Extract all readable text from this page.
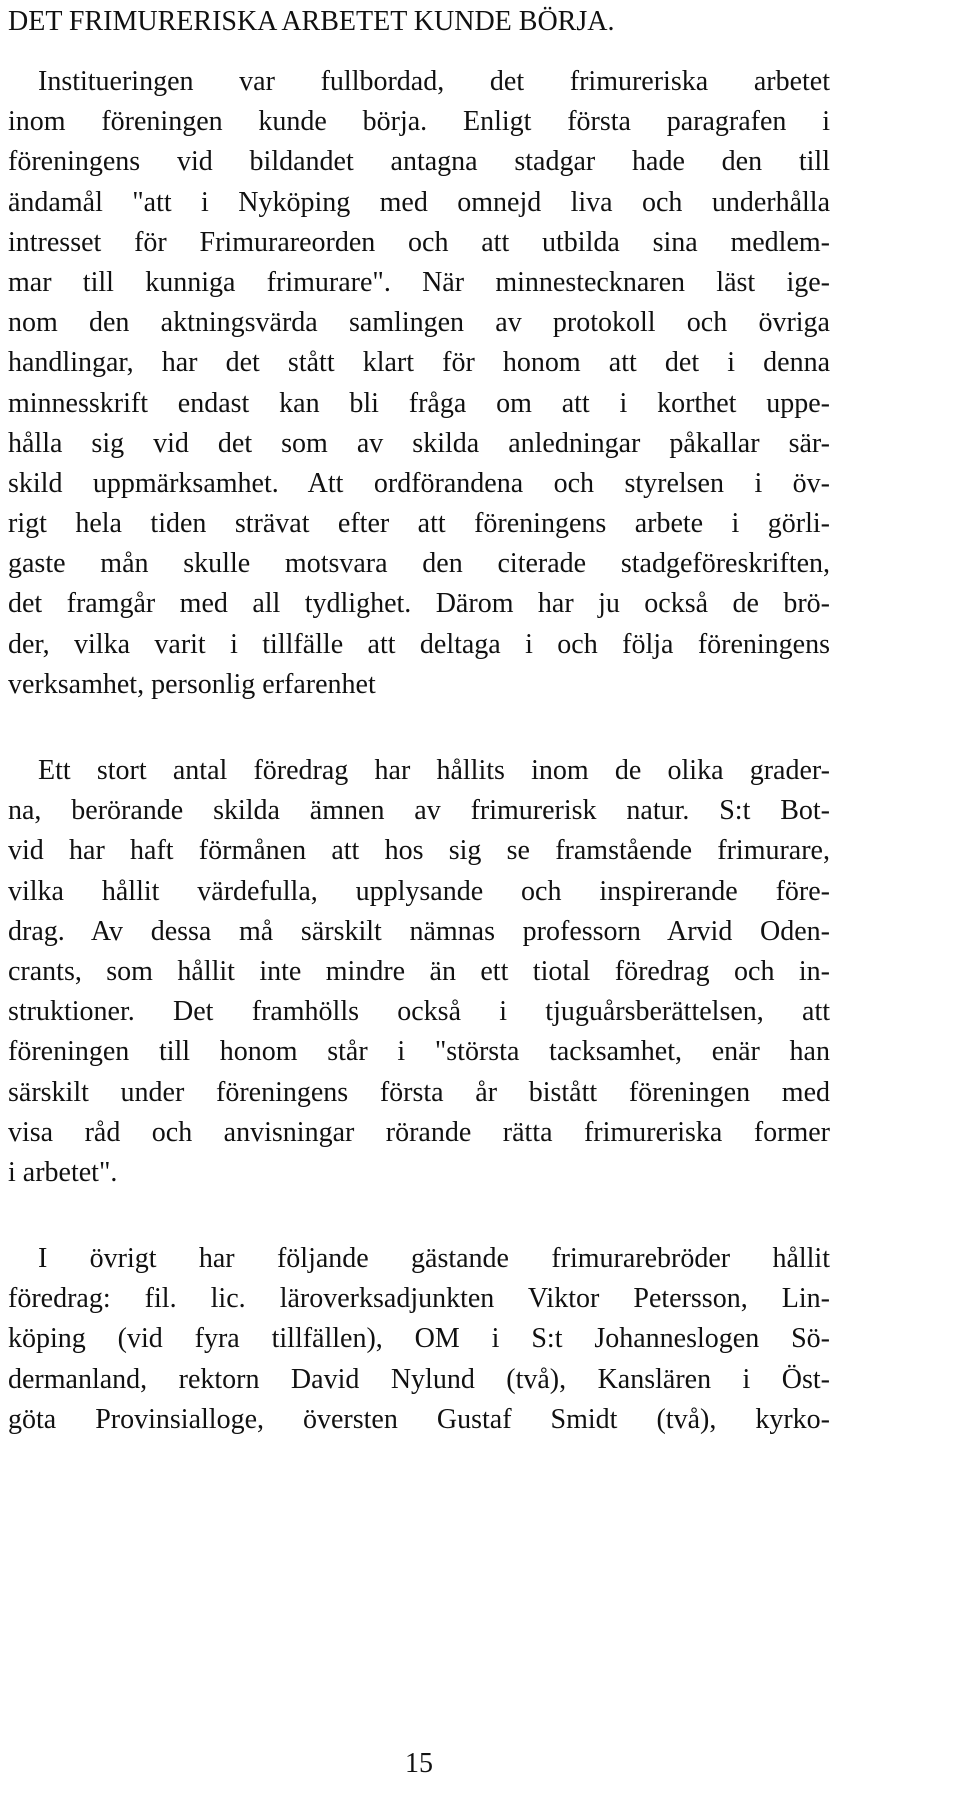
DET FRIMURERISKA ARBETET KUNDE BÖRJA.
Institueringen var fullbordad, det frimureriska arbetet
inom föreningen kunde börja. Enligt första paragrafen i
föreningens vid bildandet antagna stadgar hade den till
ändamål "att i Nyköping med omnejd liva och underhålla
intresset för Frimurareorden och att utbilda sina medlem-
mar till kunniga frimurare". När minnestecknaren läst ige-
nom den aktningsvärda samlingen av protokoll och övriga
handlingar, har det stått klart för honom att det i denna
minnesskrift endast kan bli fråga om att i korthet uppe-
hålla sig vid det som av skilda anledningar påkallar sär-
skild uppmärksamhet. Att ordförandena och styrelsen i öv-
rigt hela tiden strävat efter att föreningens arbete i görli-
gaste mån skulle motsvara den citerade stadgeföreskriften,
det framgår med all tydlighet. Därom har ju också de brö-
der, vilka varit i tillfälle att deltaga i och följa föreningens
verksamhet, personlig erfarenhet
Ett stort antal föredrag har hållits inom de olika grader-
na, berörande skilda ämnen av frimurerisk natur. S:t Bot-
vid har haft förmånen att hos sig se framstående frimurare,
vilka hållit värdefulla, upplysande och inspirerande före-
drag. Av dessa må särskilt nämnas professorn Arvid Oden-
crants, som hållit inte mindre än ett tiotal föredrag och in-
struktioner. Det framhölls också i tjuguårsberättelsen, att
föreningen till honom står i "största tacksamhet, enär han
särskilt under föreningens första år bistått föreningen med
visa råd och anvisningar rörande rätta frimureriska former
i arbetet".
I övrigt har följande gästande frimurarebröder hållit
föredrag: fil. lic. läroverksadjunkten Viktor Petersson, Lin-
köping (vid fyra tillfällen), OM i S:t Johanneslogen Sö-
dermanland, rektorn David Nylund (två), Kanslären i Öst-
göta Provinsialloge, översten Gustaf Smidt (två), kyrko-

15
